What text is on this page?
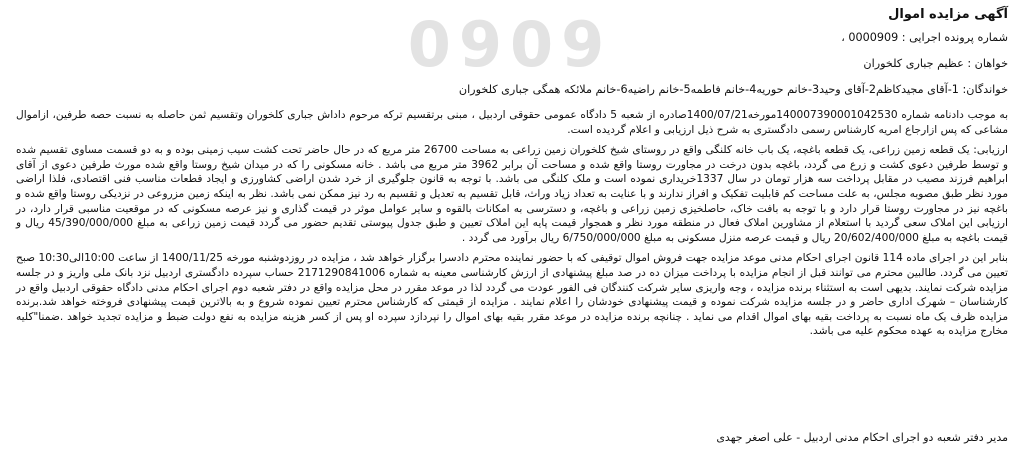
0909	آگهی مزایده اموال
شماره پرونده اجرایی : 0000909 ،
خواهان : عظیم جباری کلخوران
خواندگان: 1-آقای مجیدکاظم2-آقای وحید3-خانم حوریه4-خانم فاطمه5-خانم راضیه6-خانم ملائکه همگی جباری کلخوران

به موجب دادنامه شماره 140007390001042530مورخه1400/07/21صادره از شعبه 5 دادگاه عمومی حقوقی اردبیل ، مبنی برتقسیم ترکه مرحوم داداش جباری کلخوران وتقسیم ثمن حاصله به نسبت حصه طرفین، ازاموال مشاعی که پس ازارجاع امریه کارشناس رسمی دادگستری به شرح ذیل ارزیابی و اعلام گردیده است.

ارزیابی: یک قطعه زمین زراعی، یک قطعه باغچه، یک باب خانه کلنگی واقع در روستای شیخ کلخوران زمین زراعی به مساحت 26700 متر مربع که در حال حاضر تحت کشت سیب زمینی بوده و به دو قسمت مساوی تقسیم شده و توسط طرفین دعوی کشت و زرع می گردد، باغچه بدون درخت در مجاورت روستا واقع شده و مساحت آن برابر 3962 متر مربع می باشد . خانه مسکونی را که در میدان شیخ روستا واقع شده مورث طرفین دعوی از آقای ابراهیم فرزند مصیب در مقابل پرداخت سه هزار تومان در سال 1337خریداری نموده است و ملک کلنگی می باشد. با توجه به قانون جلوگیری از خرد شدن اراضی کشاورزی و ایجاد قطعات مناسب فنی اقتصادی، فلذا اراضی مورد نظر طبق مصوبه مجلس، به علت مساحت کم قابلیت تفکیک و افراز ندارند و با عنایت به تعداد زیاد وراث، قابل تقسیم به تعدیل و تقسیم به رد نیز ممکن نمی باشد. نظر به اینکه زمین مزروعی در نزدیکی روستا واقع شده و باغچه نیز در مجاورت روستا قرار دارد و با توجه به بافت خاک، حاصلخیزی زمین زراعی و باغچه، و دسترسی به امکانات بالقوه و سایر عوامل موثر در قیمت گذاری و نیز عرصه مسکونی که در موقعیت مناسبی قرار دارد، در ارزیابی این املاک سعی گردید با استعلام از مشاورین املاک فعال در منطقه مورد نظر و همجوار قیمت پایه این املاک تعیین و طبق جدول پیوستی تقدیم حضور می گردد قیمت زمین زراعی به مبلغ 45/390/000/000 ریال و قیمت باغچه به مبلغ 20/602/400/000 ریال و قیمت عرصه منزل مسکونی به مبلغ 6/750/000/000 ریال برآورد می گردد .

بنابر این در اجرای ماده 114 قانون اجرای احکام مدنی موعد مزایده جهت فروش اموال توقیفی که با حضور نماینده محترم دادسرا برگزار خواهد شد ، مزایده در روزدوشنبه مورخه 1400/11/25 از ساعت 10:00الی10:30 صبح تعیین می گردد. طالبین محترم می توانند قبل از انجام مزایده با پرداخت میزان ده در صد مبلغ پیشنهادی از ارزش کارشناسی معینه به شماره 2171290841006 حساب سپرده دادگستری اردبیل نزد بانک ملی واریز و در جلسه مزایده شرکت نمایند. بدیهی است به استثناء برنده مزایده ، وجه واریزی سایر شرکت کنندگان فی الفور عودت می گردد لذا در موعد مقرر در محل مزایده واقع در دفتر شعبه دوم اجرای احکام مدنی دادگاه حقوقی اردبیل واقع در کارشناسان – شهرک اداری حاضر و در جلسه مزایده شرکت نموده و قیمت پیشنهادی خودشان را اعلام نمایند . مزایده از قیمتی که کارشناس محترم تعیین نموده شروع و به بالاترین قیمت پیشنهادی فروخته خواهد شد.برنده مزایده ظرف یک ماه نسبت به پرداخت بقیه بهای اموال اقدام می نماید . چنانچه برنده مزایده در موعد مقرر بقیه بهای اموال را نپردازد سپرده او پس از کسر هزینه مزایده به نفع دولت ضبط و مزایده تجدید خواهد .ضمنا"کلیه مخارج مزایده به عهده محکوم علیه می باشد.

مدیر دفتر شعبه دو اجرای احکام مدنی اردبیل - علی اصغر جهدی
